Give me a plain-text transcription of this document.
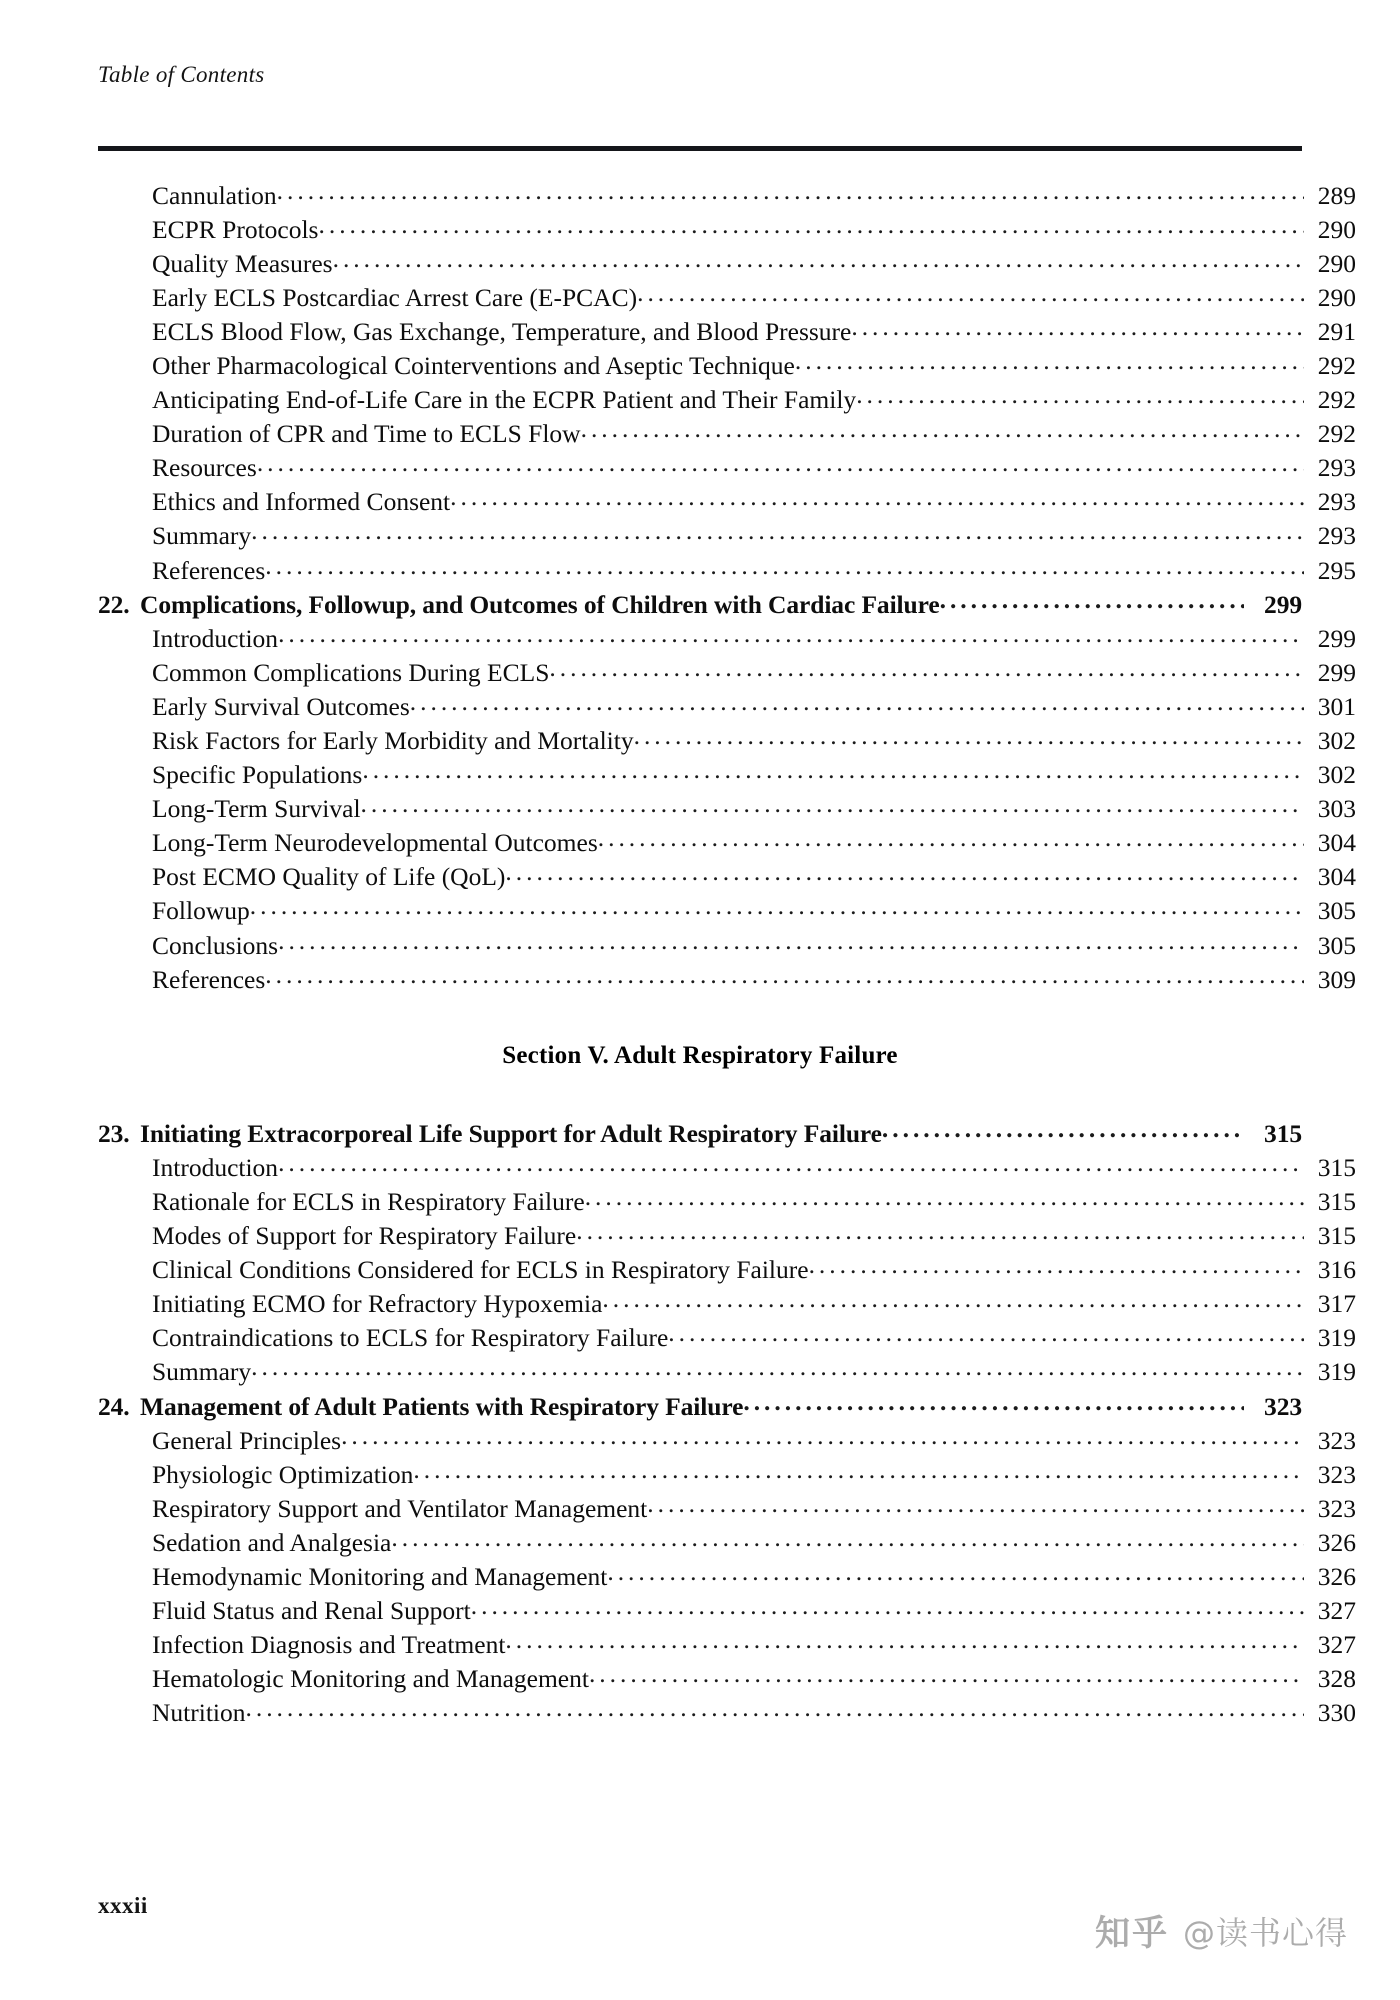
Table of Contents
Cannulation . . .	289
ECPR Protocols . . .	290
Quality Measures . . .	290
Early ECLS Postcardiac Arrest Care (E-PCAC) . . .	290
ECLS Blood Flow, Gas Exchange, Temperature, and Blood Pressure . . .	291
Other Pharmacological Cointerventions and Aseptic Technique . . .	292
Anticipating End-of-Life Care in the ECPR Patient and Their Family . . .	292
Duration of CPR and Time to ECLS Flow . . .	292
Resources . . .	293
Ethics and Informed Consent . . .	293
Summary . . .	293
References . . .	295
22. Complications, Followup, and Outcomes of Children with Cardiac Failure . . .	299
Introduction . . .	299
Common Complications During ECLS . . .	299
Early Survival Outcomes . . .	301
Risk Factors for Early Morbidity and Mortality . . .	302
Specific Populations . . .	302
Long-Term Survival . . .	303
Long-Term Neurodevelopmental Outcomes . . .	304
Post ECMO Quality of Life (QoL) . . .	304
Followup . . .	305
Conclusions . . .	305
References . . .	309
Section V. Adult Respiratory Failure
23. Initiating Extracorporeal Life Support for Adult Respiratory Failure . . .	315
Introduction . . .	315
Rationale for ECLS in Respiratory Failure . . .	315
Modes of Support for Respiratory Failure . . .	315
Clinical Conditions Considered for ECLS in Respiratory Failure . . .	316
Initiating ECMO for Refractory Hypoxemia . . .	317
Contraindications to ECLS for Respiratory Failure . . .	319
Summary . . .	319
24. Management of Adult Patients with Respiratory Failure . . .	323
General Principles . . .	323
Physiologic Optimization . . .	323
Respiratory Support and Ventilator Management . . .	323
Sedation and Analgesia . . .	326
Hemodynamic Monitoring and Management . . .	326
Fluid Status and Renal Support . . .	327
Infection Diagnosis and Treatment . . .	327
Hematologic Monitoring and Management . . .	328
Nutrition . . .	330
xxxii
知乎 @读书心得
